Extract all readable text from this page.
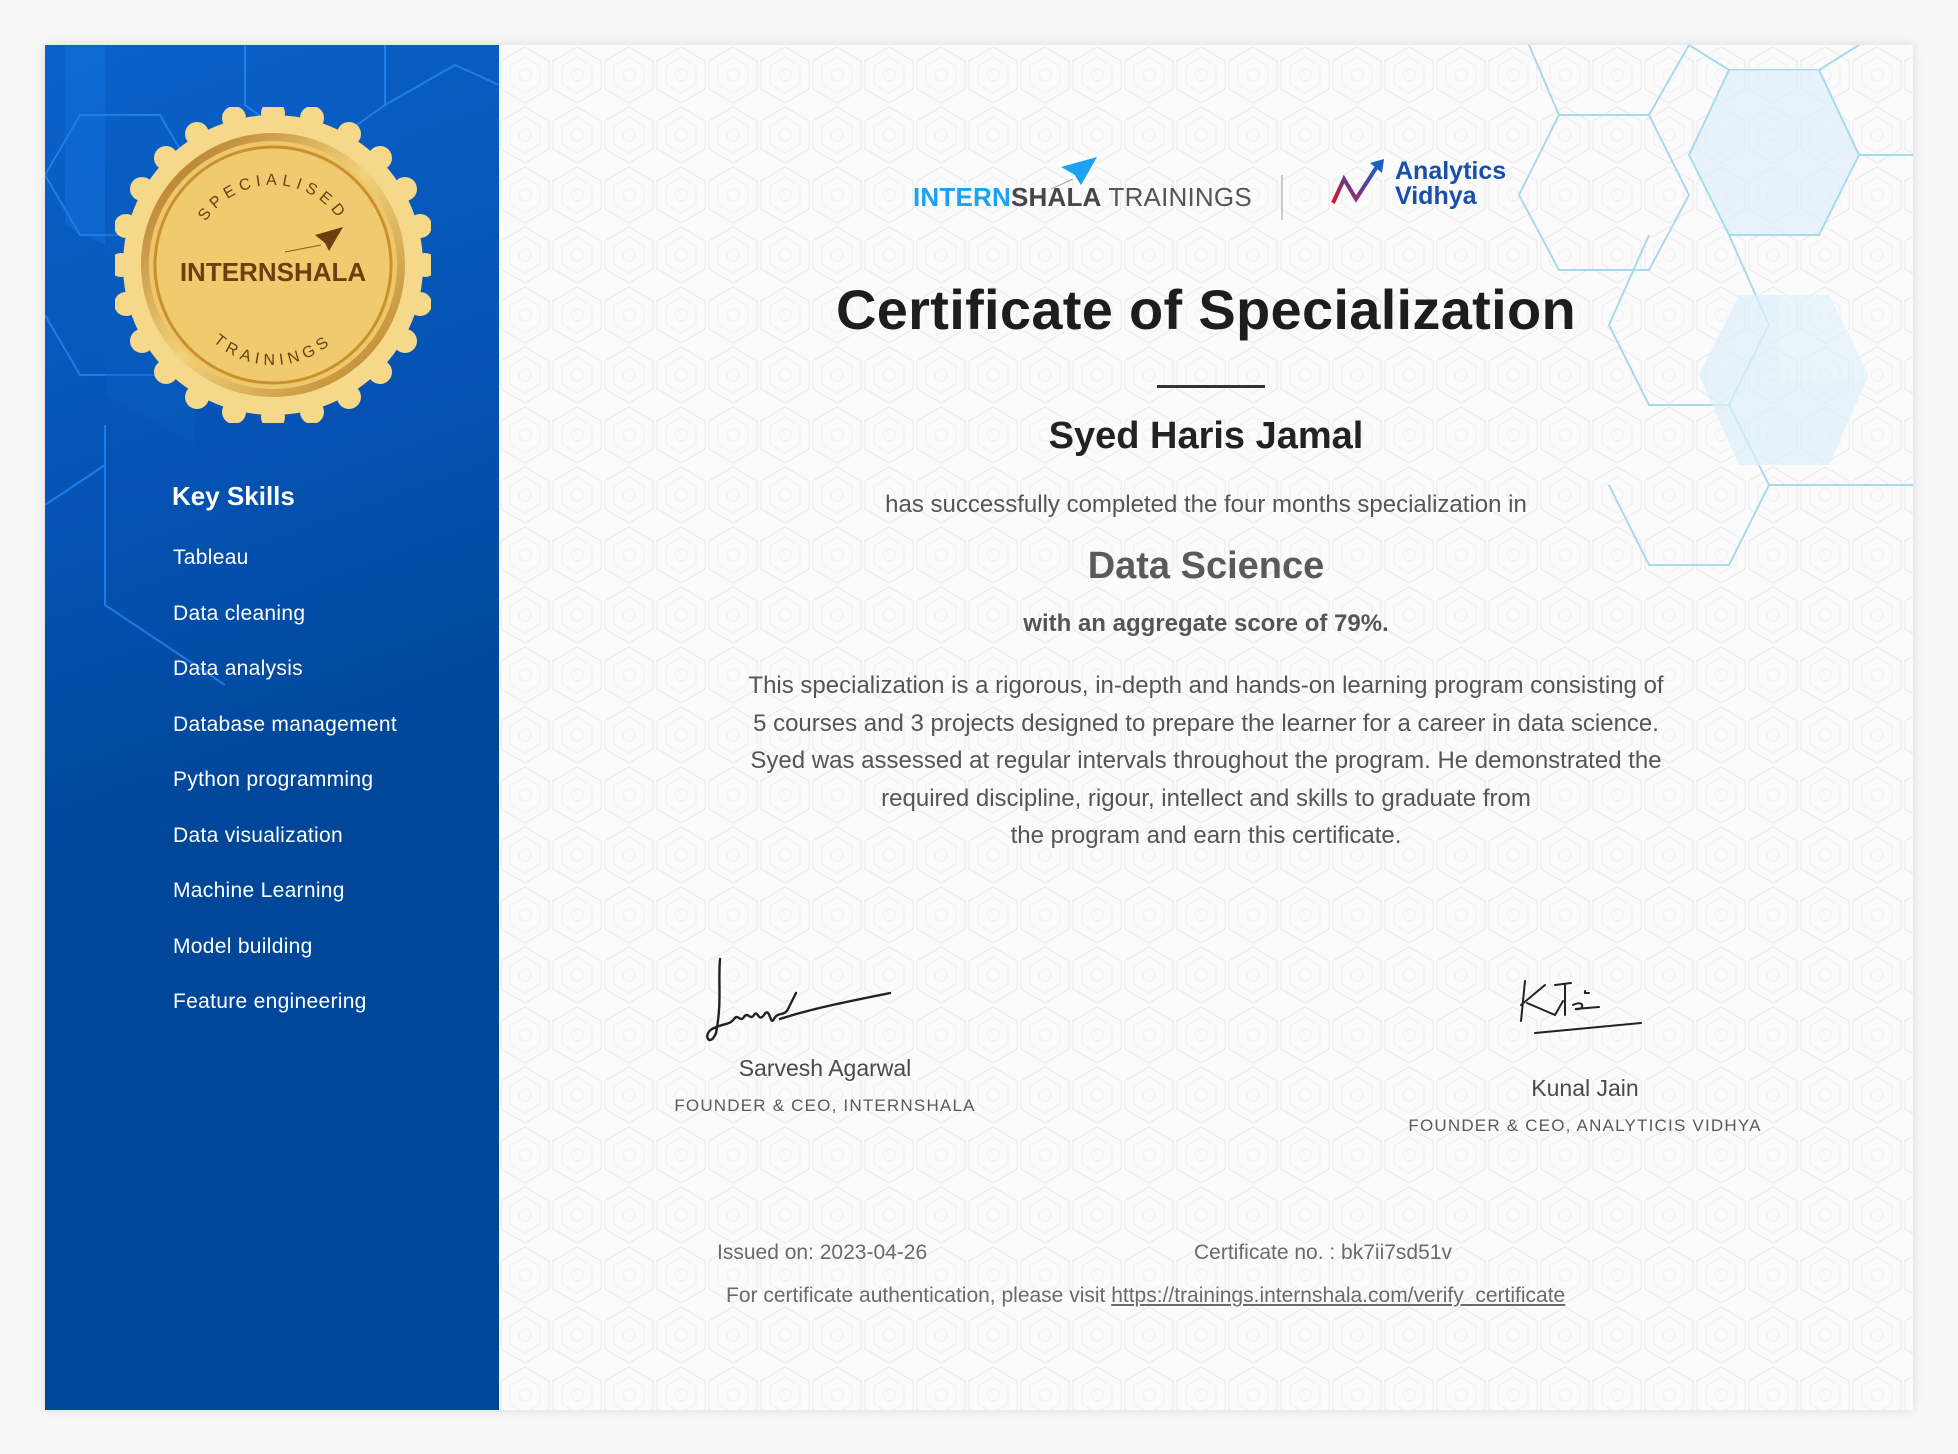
SPECIALISED
TRAININGS
INTERNSHALA
Key Skills
Tableau
Data cleaning
Data analysis
Database management
Python programming
Data visualization
Machine Learning
Model building
Feature engineering
INTERNSHALA TRAININGS
Analytics
Vidhya
Certificate of Specialization
Syed Haris Jamal
has successfully completed the four months specialization in
Data Science
with an aggregate score of 79%.
This specialization is a rigorous, in-depth and hands-on learning program consisting of
5 courses and 3 projects designed to prepare the learner for a career in data science.
Syed was assessed at regular intervals throughout the program. He demonstrated the
required discipline, rigour, intellect and skills to graduate from
the program and earn this certificate.
Sarvesh Agarwal
FOUNDER & CEO, INTERNSHALA
Kunal Jain
FOUNDER & CEO, ANALYTICIS VIDHYA
Issued on: 2023-04-26	Certificate no. : bk7ii7sd51v
For certificate authentication, please visit https://trainings.internshala.com/verify_certificate
